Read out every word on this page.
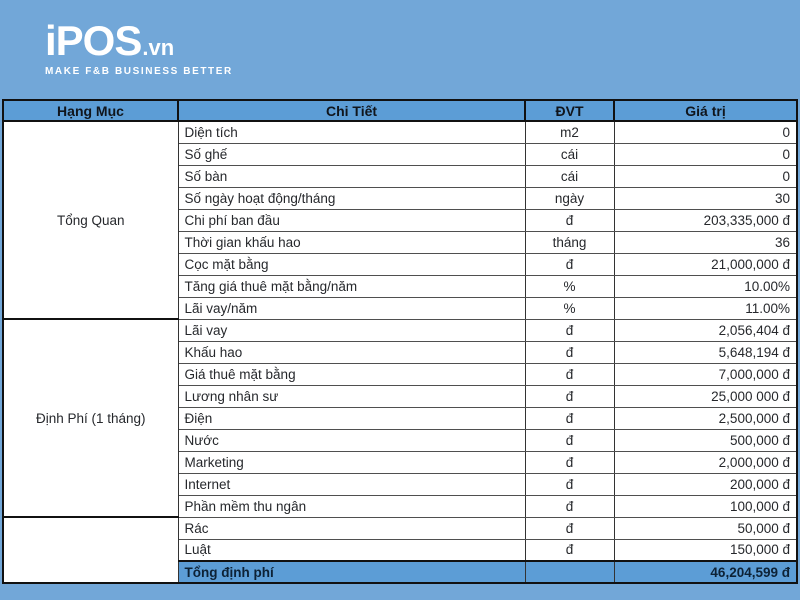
iPOS .vn
MAKE F&B BUSINESS BETTER
Hạng Mục	Chi Tiết	ĐVT	Giá trị
Tổng Quan	Diện tích	m2	0
	Số ghế	cái	0
	Số bàn	cái	0
	Số ngày hoạt động/tháng	ngày	30
	Chi phí ban đầu	đ	203,335,000 đ
	Thời gian khấu hao	tháng	36
	Cọc mặt bằng	đ	21,000,000 đ
	Tăng giá thuê mặt bằng/năm	%	10.00%
	Lãi vay/năm	%	11.00%
Định Phí (1 tháng)	Lãi vay	đ	2,056,404 đ
	Khấu hao	đ	5,648,194 đ
	Giá thuê mặt bằng	đ	7,000,000 đ
	Lương nhân sư	đ	25,000 000 đ
	Điện	đ	2,500,000 đ
	Nước	đ	500,000 đ
	Marketing	đ	2,000,000 đ
	Internet	đ	200,000 đ
	Phần mềm thu ngân	đ	100,000 đ
	Rác	đ	50,000 đ
	Luật	đ	150,000 đ
	Tổng định phí		46,204,599 đ
